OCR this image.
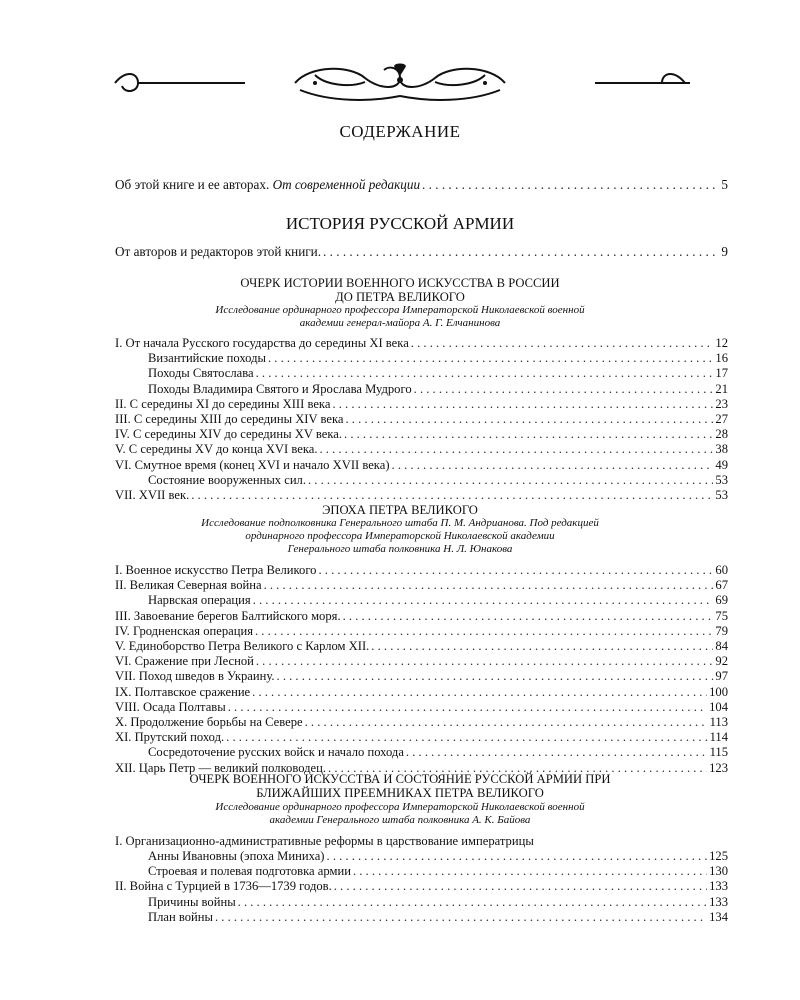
СОДЕРЖАНИЕ
Об этой книге и ее авторах. От современной редакции . . .	5
ИСТОРИЯ РУССКОЙ АРМИИ
От авторов и редакторов этой книги. . . .	9
ОЧЕРК ИСТОРИИ ВОЕННОГО ИСКУССТВА В РОССИИ
ДО ПЕТРА ВЕЛИКОГО
Исследование ординарного профессора Императорской Николаевской военной
академии генерал-майора А. Г. Елчанинова
I. От начала Русского государства до середины XI века . . .	12
Византийские походы . . .	16
Походы Святослава . . .	17
Походы Владимира Святого и Ярослава Мудрого . . .	21
II. С середины XI до середины XIII века . . .	23
III. С середины XIII до середины XIV века . . .	27
IV. С середины XIV до середины XV века. . . .	28
V. С середины XV до конца XVI века. . . .	38
VI. Смутное время (конец XVI и начало XVII века) . . .	49
Состояние вооруженных сил. . . .	53
VII. XVII век. . . .	53
ЭПОХА ПЕТРА ВЕЛИКОГО
Исследование подполковника Генерального штаба П. М. Андрианова. Под редакцией
ординарного профессора Императорской Николаевской академии
Генерального штаба полковника Н. Л. Юнакова
I. Военное искусство Петра Великого . . .	60
II. Великая Северная война . . .	67
Нарвская операция . . .	69
III. Завоевание берегов Балтийского моря. . . .	75
IV. Гродненская операция . . .	79
V. Единоборство Петра Великого с Карлом XII. . . .	84
VI. Сражение при Лесной . . .	92
VII. Поход шведов в Украину. . . .	97
IX. Полтавское сражение . . .	100
VIII. Осада Полтавы . . .	104
X. Продолжение борьбы на Севере . . .	113
XI. Прутский поход. . . .	114
Сосредоточение русских войск и начало похода . . .	115
XII. Царь Петр — великий полководец. . . .	123
ОЧЕРК ВОЕННОГО ИСКУССТВА И СОСТОЯНИЕ РУССКОЙ АРМИИ ПРИ
БЛИЖАЙШИХ ПРЕЕМНИКАХ ПЕТРА ВЕЛИКОГО
Исследование ординарного профессора Императорской Николаевской военной
академии Генерального штаба полковника А. К. Байова
I. Организационно-административные реформы в царствование императрицы
Анны Ивановны (эпоха Миниха) . . .	125
Строевая и полевая подготовка армии . . .	130
II. Война с Турцией в 1736—1739 годов. . . .	133
Причины войны . . .	133
План войны . . .	134
